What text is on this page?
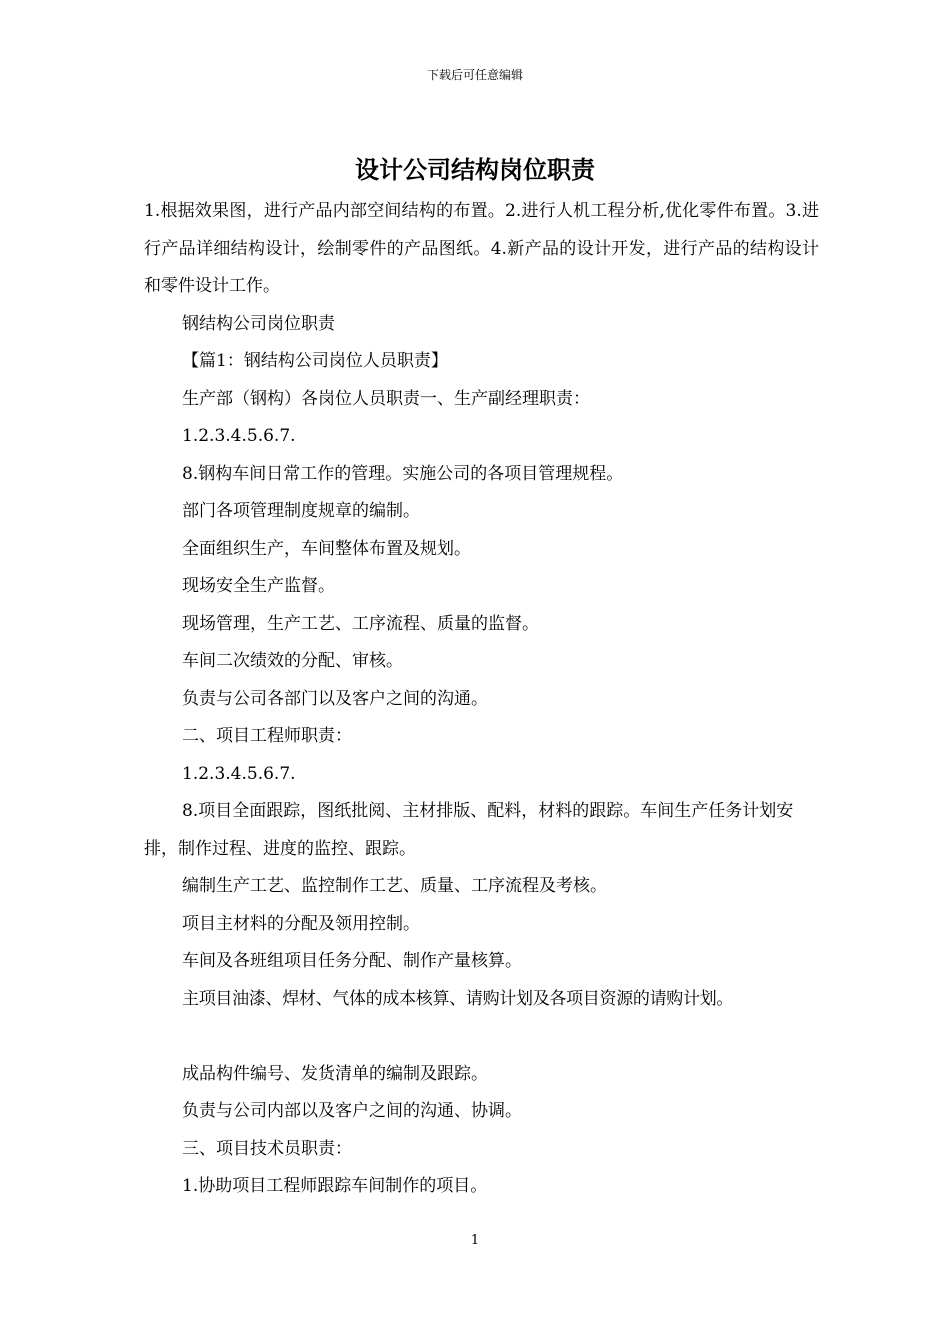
下载后可任意编辑
设计公司结构岗位职责

1.根据效果图，进行产品内部空间结构的布置。2.进行人机工程分析,优化零件布置。3.进行产品详细结构设计，绘制零件的产品图纸。4.新产品的设计开发，进行产品的结构设计和零件设计工作。

钢结构公司岗位职责

【篇1：钢结构公司岗位人员职责】

生产部（钢构）各岗位人员职责一、生产副经理职责：

1.2.3.4.5.6.7.

8.钢构车间日常工作的管理。实施公司的各项目管理规程。

部门各项管理制度规章的编制。

全面组织生产，车间整体布置及规划。

现场安全生产监督。

现场管理，生产工艺、工序流程、质量的监督。

车间二次绩效的分配、审核。

负责与公司各部门以及客户之间的沟通。

二、项目工程师职责：

1.2.3.4.5.6.7.

8.项目全面跟踪，图纸批阅、主材排版、配料，材料的跟踪。车间生产任务计划安排，制作过程、进度的监控、跟踪。

编制生产工艺、监控制作工艺、质量、工序流程及考核。

项目主材料的分配及领用控制。

车间及各班组项目任务分配、制作产量核算。

主项目油漆、焊材、气体的成本核算、请购计划及各项目资源的请购计划。

成品构件编号、发货清单的编制及跟踪。

负责与公司内部以及客户之间的沟通、协调。

三、项目技术员职责：

1.协助项目工程师跟踪车间制作的项目。

1
